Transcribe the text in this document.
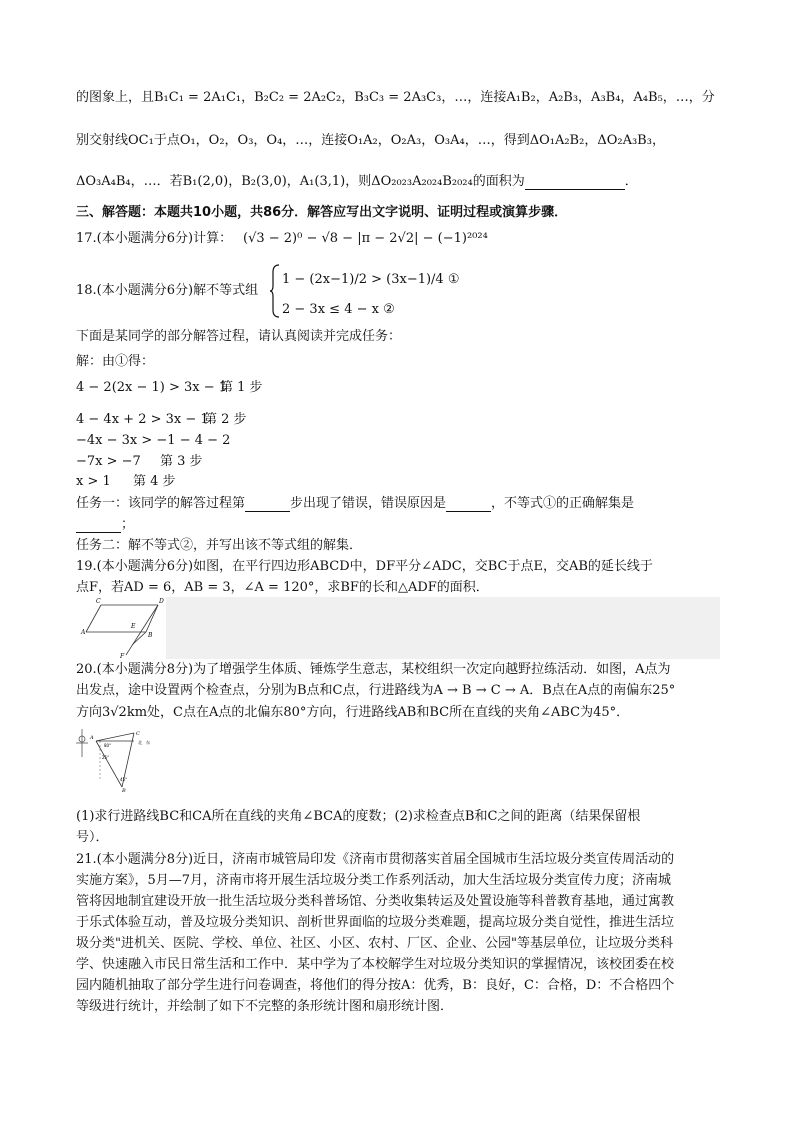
的图象上，且B₁C₁ = 2A₁C₁，B₂C₂ = 2A₂C₂，B₃C₃ = 2A₃C₃，…，连接A₁B₂，A₂B₃，A₃B₄，A₄B₅，…，分
别交射线OC₁于点O₁，O₂，O₃，O₄，…，连接O₁A₂，O₂A₃，O₃A₄，…，得到ΔO₁A₂B₂，ΔO₂A₃B₃，
ΔO₃A₄B₄，…．若B₁(2,0)，B₂(3,0)，A₁(3,1)，则ΔO₂₀₂₃A₂₀₂₄B₂₀₂₄的面积为	．
三、解答题：本题共10小题，共86分．解答应写出文字说明、证明过程或演算步骤．
17.(本小题满分6分)计算： (√3 − 2)⁰ − √8 − |π − 2√2| − (−1)²⁰²⁴
18.(本小题满分6分)解不等式组
1 − (2x−1)/2 > (3x−1)/4 ①
2 − 3x ≤ 4 − x ②
下面是某同学的部分解答过程，请认真阅读并完成任务：
解：由①得：
4 − 2(2x − 1) > 3x − 1
第 1 步
4 − 4x + 2 > 3x − 1
第 2 步
−4x − 3x > −1 − 4 − 2
−7x > −7 第 3 步
x > 1 第 4 步
任务一：该同学的解答过程第	步出现了错误，错误原因是	，不等式①的正确解集是
；
任务二：解不等式②，并写出该不等式组的解集．
19.(本小题满分6分)如图，在平行四边形ABCD中，DF平分∠ADC，交BC于点E，交AB的延长线于
点F，若AD = 6，AB = 3，∠A = 120°，求BF的长和△ADF的面积．
D
A	B
F
E
C
20.(本小题满分8分)为了增强学生体质、锤炼学生意志，某校组织一次定向越野拉练活动．如图，A点为
出发点，途中设置两个检查点，分别为B点和C点，行进路线为A → B → C → A．B点在A点的南偏东25°
方向3√2km处，C点在A点的北偏东80°方向，行进路线AB和BC所在直线的夹角∠ABC为45°．
A
C
北 东
80°
25°
45°
B
(1)求行进路线BC和CA所在直线的夹角∠BCA的度数；(2)求检查点B和C之间的距离（结果保留根
号）．
21.(本小题满分8分)近日，济南市城管局印发《济南市贯彻落实首届全国城市生活垃圾分类宣传周活动的
实施方案》，5月—7月，济南市将开展生活垃圾分类工作系列活动，加大生活垃圾分类宣传力度；济南城
管将因地制宜建设开放一批生活垃圾分类科普场馆、分类收集转运及处置设施等科普教育基地，通过寓教
于乐式体验互动，普及垃圾分类知识、剖析世界面临的垃圾分类难题，提高垃圾分类自觉性，推进生活垃
圾分类"进机关、医院、学校、单位、社区、小区、农村、厂区、企业、公园"等基层单位，让垃圾分类科
学、快速融入市民日常生活和工作中．某中学为了本校解学生对垃圾分类知识的掌握情况，该校团委在校
园内随机抽取了部分学生进行问卷调查，将他们的得分按A：优秀，B：良好，C：合格，D：不合格四个
等级进行统计，并绘制了如下不完整的条形统计图和扇形统计图．
